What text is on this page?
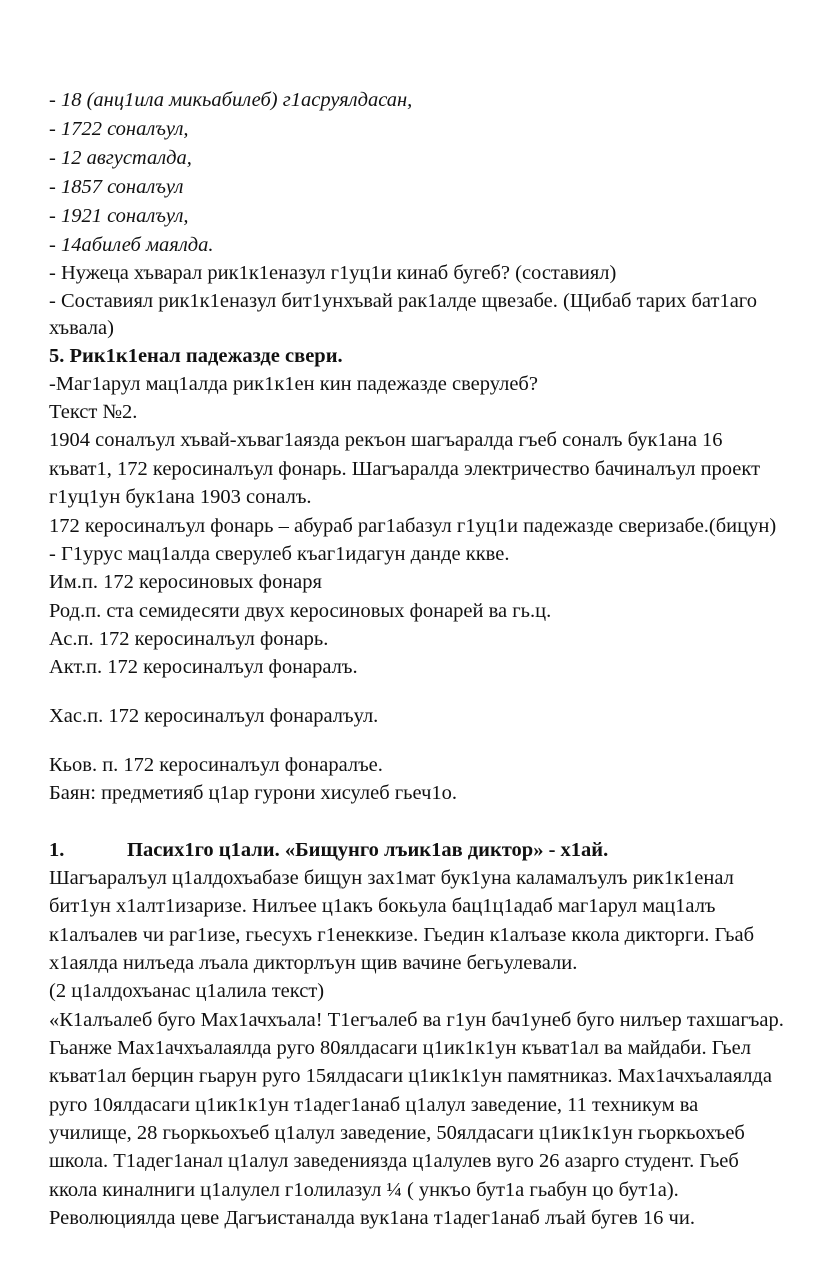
- 18 (анц1ила микьабилеб) г1асруялдасан,
- 1722 соналъул,
- 12 августалда,
- 1857 соналъул
- 1921 соналъул,
- 14абилеб маялда.
- Нужеца хъварал рик1к1еназул г1уц1и кинаб бугеб? (составиял)
- Составиял рик1к1еназул бит1унхъвай рак1алде щвезабе. (Щибаб тарих бат1аго
хъвала)
5. Рик1к1енал падежазде свери.
-Маг1арул мац1алда рик1к1ен кин падежазде сверулеб?
Текст №2.
1904 соналъул хъвай-хъваг1аязда рекъон шагъаралда гъеб соналъ бук1ана 16
къват1, 172 керосиналъул фонарь. Шагъаралда электричество бачиналъул проект
г1уц1ун бук1ана 1903 соналъ.
172 керосиналъул фонарь – абураб раг1абазул г1уц1и падежазде сверизабе.(бицун)
- Г1урус мац1алда сверулеб къаг1идагун данде ккве.
Им.п. 172 керосиновых фонаря
Род.п. ста семидесяти двух керосиновых фонарей ва гь.ц.
Ас.п. 172 керосиналъул фонарь.
Акт.п. 172 керосиналъул фонаралъ.
Хас.п. 172 керосиналъул фонаралъул.
Кьов. п. 172 керосиналъул фонаралъе.
Баян: предметияб ц1ар гурони хисулеб гьеч1о.
1.	Пасих1го ц1али. «Бищунго лъик1ав диктор» - х1ай.
Шагъаралъул ц1алдохъабазе бищун зах1мат бук1уна каламалъулъ рик1к1енал
бит1ун х1алт1изаризе. Нилъее ц1акъ бокьула бац1ц1адаб маг1арул мац1алъ
к1алъалев чи раг1изе, гьесухъ г1енеккизе. Гьедин к1алъазе ккола дикторги. Гьаб
х1аялда нилъеда лъала дикторлъун щив вачине бегьулевали.
(2 ц1алдохъанас ц1алила текст)
«К1алъалеб буго Мах1ачхъала! Т1егъалеб ва г1ун бач1унеб буго нилъер тахшагъар.
Гьанже Мах1ачхъалаялда руго 80ялдасаги ц1ик1к1ун къват1ал ва майдаби. Гьел
къват1ал берцин гьарун руго 15ялдасаги ц1ик1к1ун памятниказ. Мах1ачхъалаялда
руго 10ялдасаги ц1ик1к1ун т1адег1анаб ц1алул заведение, 11 техникум ва
училище, 28 гьоркьохъеб ц1алул заведение, 50ялдасаги ц1ик1к1ун гьоркьохъеб
школа. Т1адег1анал ц1алул заведениязда ц1алулев вуго 26 азарго студент. Гьеб
ккола киналниги ц1алулел г1олилазул ¼ ( ункъо бут1а гьабун цо бут1а).
Революциялда цеве Дагъистаналда вук1ана т1адег1анаб лъай бугев 16 чи.
